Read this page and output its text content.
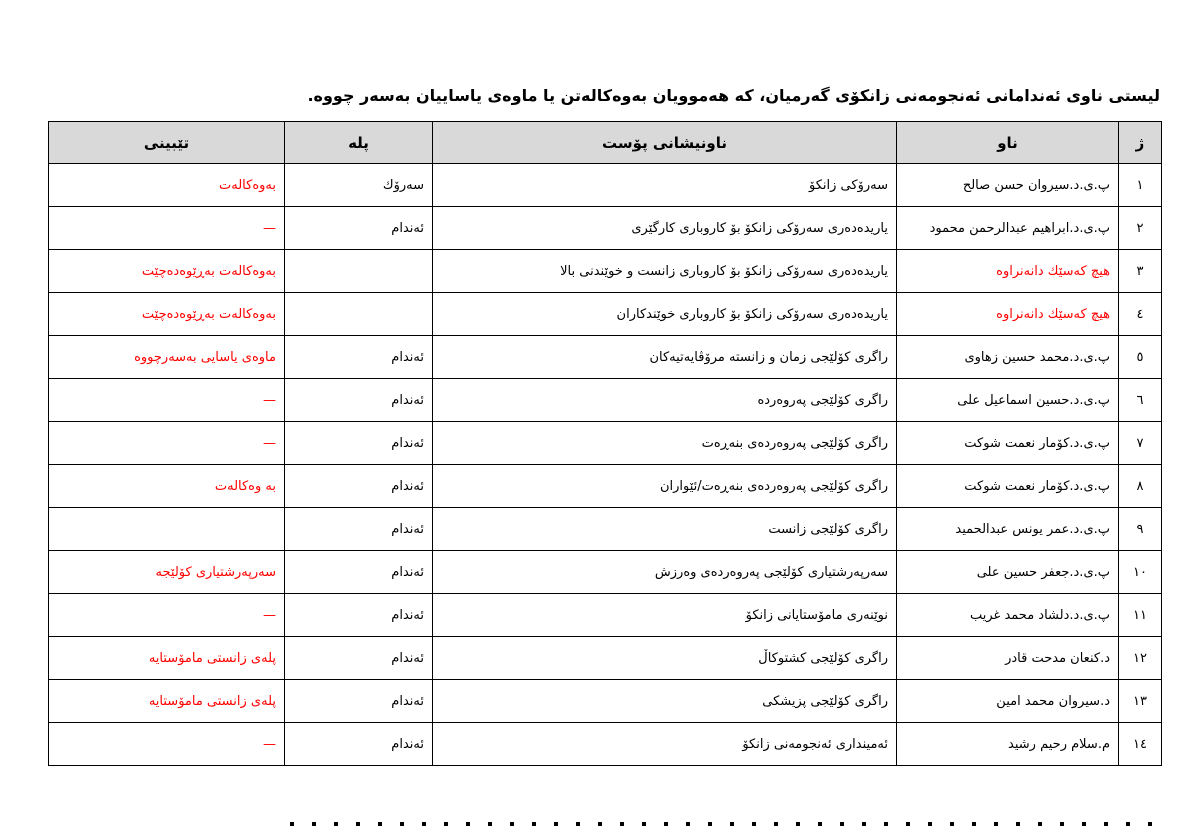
لیستی ناوی ئەندامانی ئەنجومەنی زانکۆی گەرمیان، کە هەموویان بەوەکالەتن یا ماوەی یاساییان بەسەر چووە.
ژ	ناو	ناونیشانی پۆست	پلە	تێبینی
١	پ.ی.د.سیروان حسن صالح	سەرۆکی زانکۆ	سەرۆك	بەوەکالەت
٢	پ.ی.د.ابراهیم عبدالرحمن محمود	یاریدەدەری سەرۆکی زانکۆ بۆ کاروباری کارگێری	ئەندام	—
٣	هیچ کەسێك دانەنراوە	یاریدەدەری سەرۆکی زانکۆ بۆ کاروباری زانست و خوێندنی بالا		بەوەکالەت بەڕێوەدەچێت
٤	هیچ کەسێك دانەنراوە	یاریدەدەری سەرۆکی زانکۆ بۆ کاروباری خوێندکاران		بەوەکالەت بەڕێوەدەچێت
٥	پ.ی.د.محمد حسین زهاوی	راگری کۆلێجی زمان و زانستە مرۆڤایەتیەکان	ئەندام	ماوەی یاسایی بەسەرچووە
٦	پ.ی.د.حسین اسماعیل علی	راگری کۆلێجی پەروەردە	ئەندام	—
٧	پ.ی.د.کۆمار نعمت شوکت	راگری کۆلێجی پەروەردەی بنەڕەت	ئەندام	—
٨	پ.ی.د.کۆمار نعمت شوکت	راگری کۆلێجی پەروەردەی بنەڕەت/ئێواران	ئەندام	بە وەکالەت
٩	پ.ی.د.عمر یونس عبدالحمید	راگری کۆلێجی زانست	ئەندام	
١٠	پ.ی.د.جعفر حسین علی	سەرپەرشتیاری کۆلێجی پەروەردەی وەرزش	ئەندام	سەرپەرشتیاری کۆلێجە
١١	پ.ی.د.دلشاد محمد غریب	نوێنەری مامۆستایانی زانکۆ	ئەندام	—
١٢	د.کنعان مدحت قادر	راگری کۆلێجی کشتوکاڵ	ئەندام	پلەی زانستی مامۆستایە
١٣	د.سیروان محمد امین	راگری کۆلێجی پزیشکی	ئەندام	پلەی زانستی مامۆستایە
١٤	م.سلام رحیم رشید	ئەمینداری ئەنجومەنی زانکۆ	ئەندام	—
